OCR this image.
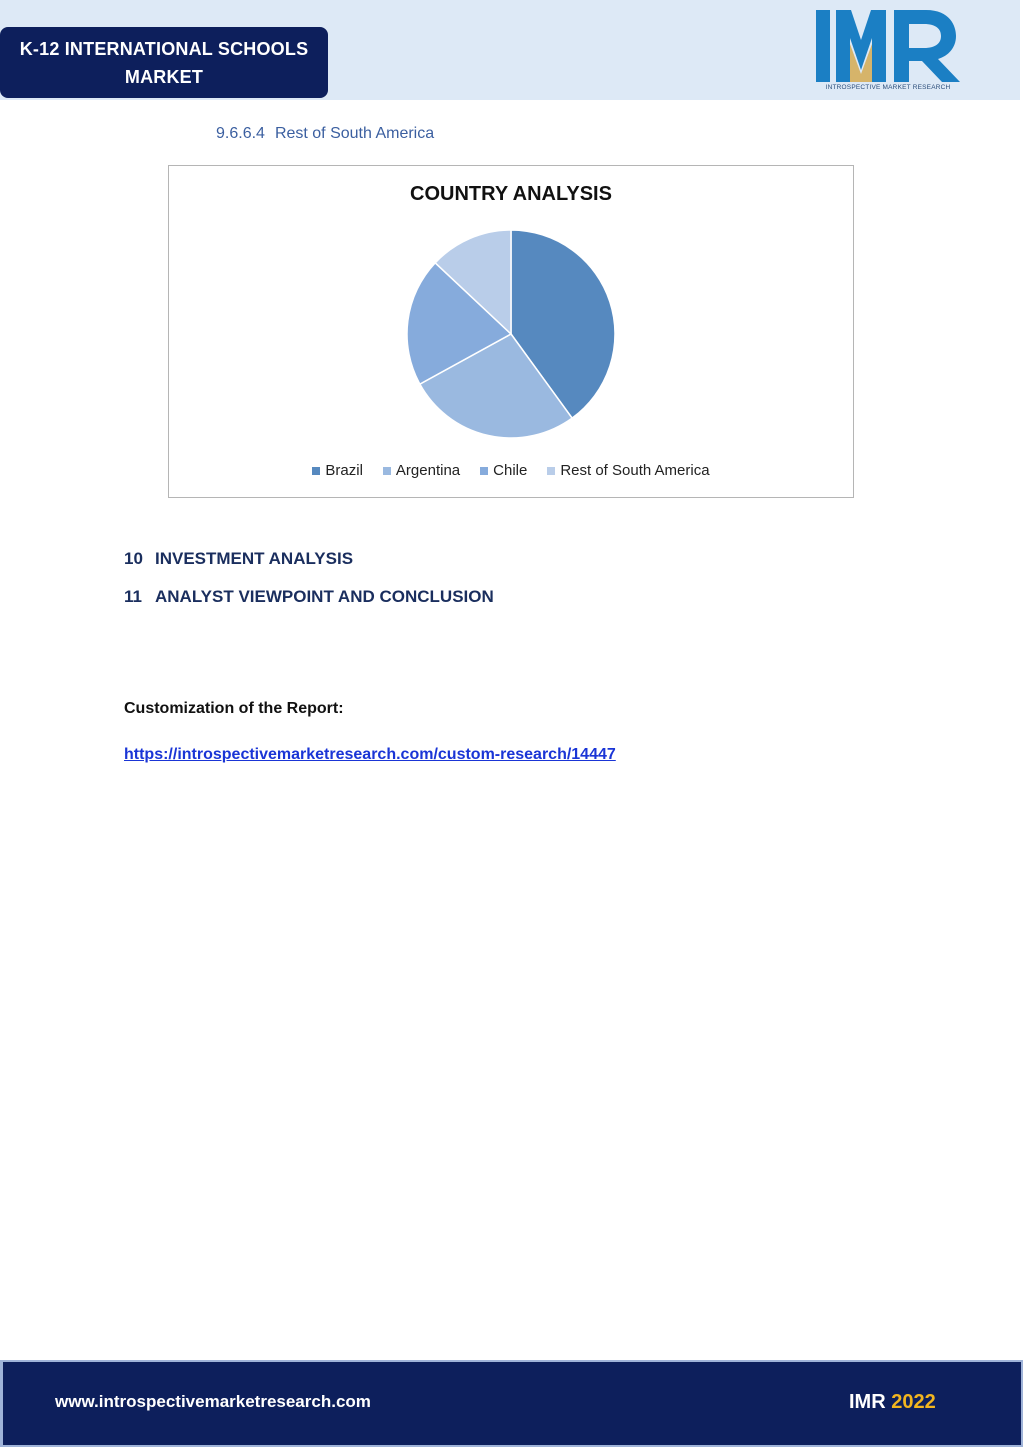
K-12 INTERNATIONAL SCHOOLS
MARKET
INTROSPECTIVE MARKET RESEARCH
9.6.6.4 Rest of South America
COUNTRY ANALYSIS
Brazil Argentina Chile Rest of South America
10 INVESTMENT ANALYSIS
11 ANALYST VIEWPOINT AND CONCLUSION
Customization of the Report:
https://introspectivemarketresearch.com/custom-research/14447
www.introspectivemarketresearch.com	IMR 2022
